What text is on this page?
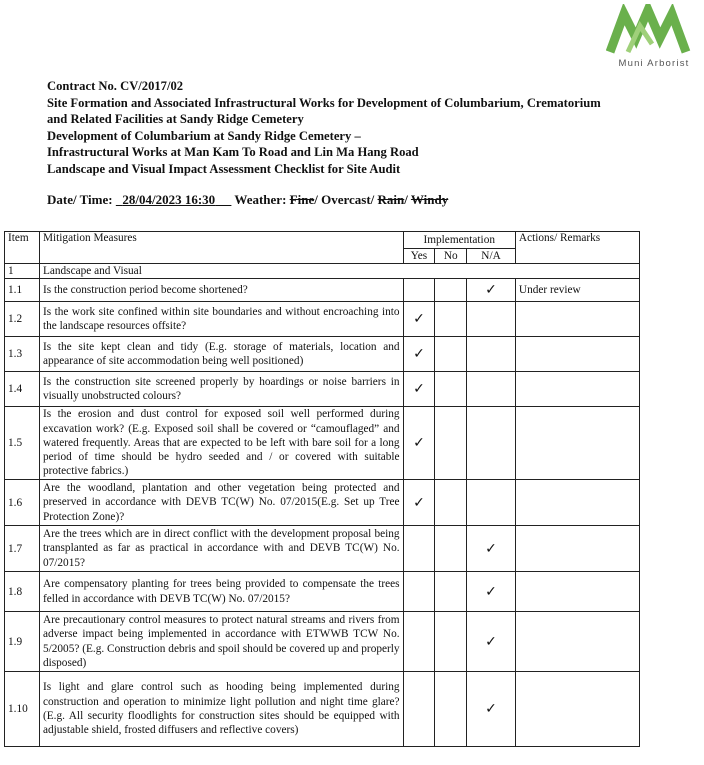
Muni Arborist
Contract No. CV/2017/02
Site Formation and Associated Infrastructural Works for Development of Columbarium, Crematorium
and Related Facilities at Sandy Ridge Cemetery
Development of Columbarium at Sandy Ridge Cemetery –
Infrastructural Works at Man Kam To Road and Lin Ma Hang Road
Landscape and Visual Impact Assessment Checklist for Site Audit
Date/ Time: 28/04/2023 16:30 Weather: Fine/ Overcast/ Rain/ Windy
Item	Mitigation Measures	Implementation			Actions/ Remarks
		Yes	No	N/A	
1	Landscape and Visual				
1.1	Is the construction period become shortened?			✓	Under review
1.2	Is the work site confined within site boundaries and without encroaching into the landscape resources offsite?	✓			
1.3	Is the site kept clean and tidy (E.g. storage of materials, location and appearance of site accommodation being well positioned)	✓			
1.4	Is the construction site screened properly by hoardings or noise barriers in visually unobstructed colours?	✓			
1.5	Is the erosion and dust control for exposed soil well performed during excavation work? (E.g. Exposed soil shall be covered or “camouflaged” and watered frequently. Areas that are expected to be left with bare soil for a long period of time should be hydro seeded and / or covered with suitable protective fabrics.)	✓			
1.6	Are the woodland, plantation and other vegetation being protected and preserved in accordance with DEVB TC(W) No. 07/2015(E.g. Set up Tree Protection Zone)?	✓			
1.7	Are the trees which are in direct conflict with the development proposal being transplanted as far as practical in accordance with and DEVB TC(W) No. 07/2015?			✓	
1.8	Are compensatory planting for trees being provided to compensate the trees felled in accordance with DEVB TC(W) No. 07/2015?			✓	
1.9	Are precautionary control measures to protect natural streams and rivers from adverse impact being implemented in accordance with ETWWB TCW No. 5/2005? (E.g. Construction debris and spoil should be covered up and properly disposed)			✓	
1.10	Is light and glare control such as hooding being implemented during construction and operation to minimize light pollution and night time glare? (E.g. All security floodlights for construction sites should be equipped with adjustable shield, frosted diffusers and reflective covers)			✓	
